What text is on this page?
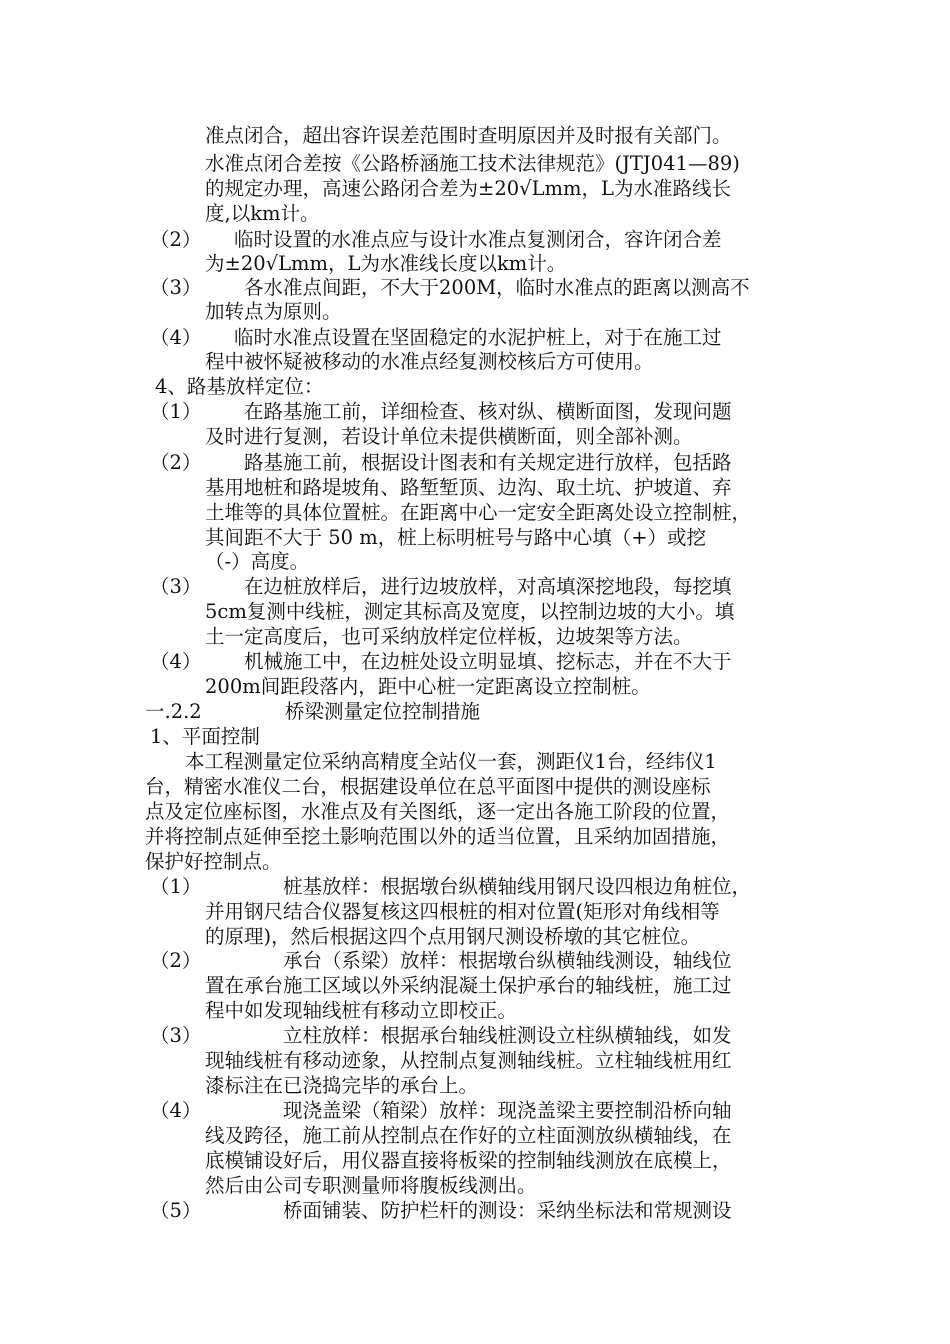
准点闭合，超出容许误差范围时查明原因并及时报有关部门。
水准点闭合差按《公路桥涵施工技术法律规范》(JTJ041—89)
的规定办理，高速公路闭合差为±20√Lmm，L为水准路线长
度,以km计。
（2） 临时设置的水准点应与设计水准点复测闭合，容许闭合差
为±20√Lmm，L为水准线长度以km计。
（3） 各水准点间距，不大于200M，临时水准点的距离以测高不
加转点为原则。
（4） 临时水准点设置在坚固稳定的水泥护桩上，对于在施工过
程中被怀疑被移动的水准点经复测校核后方可使用。
4、路基放样定位：
（1） 在路基施工前，详细检查、核对纵、横断面图，发现问题
及时进行复测，若设计单位未提供横断面，则全部补测。
（2） 路基施工前，根据设计图表和有关规定进行放样，包括路
基用地桩和路堤坡角、路堑堑顶、边沟、取土坑、护坡道、弃
土堆等的具体位置桩。在距离中心一定安全距离处设立控制桩，
其间距不大于 50 m，桩上标明桩号与路中心填（+）或挖
（-）高度。
（3） 在边桩放样后，进行边坡放样，对高填深挖地段，每挖填
5cm复测中线桩，测定其标高及宽度，以控制边坡的大小。填
土一定高度后，也可采纳放样定位样板，边坡架等方法。
（4） 机械施工中，在边桩处设立明显填、挖标志，并在不大于
200m间距段落内，距中心桩一定距离设立控制桩。
一.2.2	桥梁测量定位控制措施
1、平面控制
本工程测量定位采纳高精度全站仪一套，测距仪1台，经纬仪1
台，精密水准仪二台，根据建设单位在总平面图中提供的测设座标
点及定位座标图，水准点及有关图纸，逐一定出各施工阶段的位置，
并将控制点延伸至挖土影响范围以外的适当位置，且采纳加固措施，
保护好控制点。
（1）	桩基放样：根据墩台纵横轴线用钢尺设四根边角桩位，
并用钢尺结合仪器复核这四根桩的相对位置(矩形对角线相等
的原理)，然后根据这四个点用钢尺测设桥墩的其它桩位。
（2）	承台（系梁）放样：根据墩台纵横轴线测设，轴线位
置在承台施工区域以外采纳混凝土保护承台的轴线桩，施工过
程中如发现轴线桩有移动立即校正。
（3）	立柱放样：根据承台轴线桩测设立柱纵横轴线，如发
现轴线桩有移动迹象，从控制点复测轴线桩。立柱轴线桩用红
漆标注在已浇捣完毕的承台上。
（4）	现浇盖梁（箱梁）放样：现浇盖梁主要控制沿桥向轴
线及跨径，施工前从控制点在作好的立柱面测放纵横轴线，在
底模铺设好后，用仪器直接将板梁的控制轴线测放在底模上，
然后由公司专职测量师将腹板线测出。
（5）	桥面铺装、防护栏杆的测设：采纳坐标法和常规测设
